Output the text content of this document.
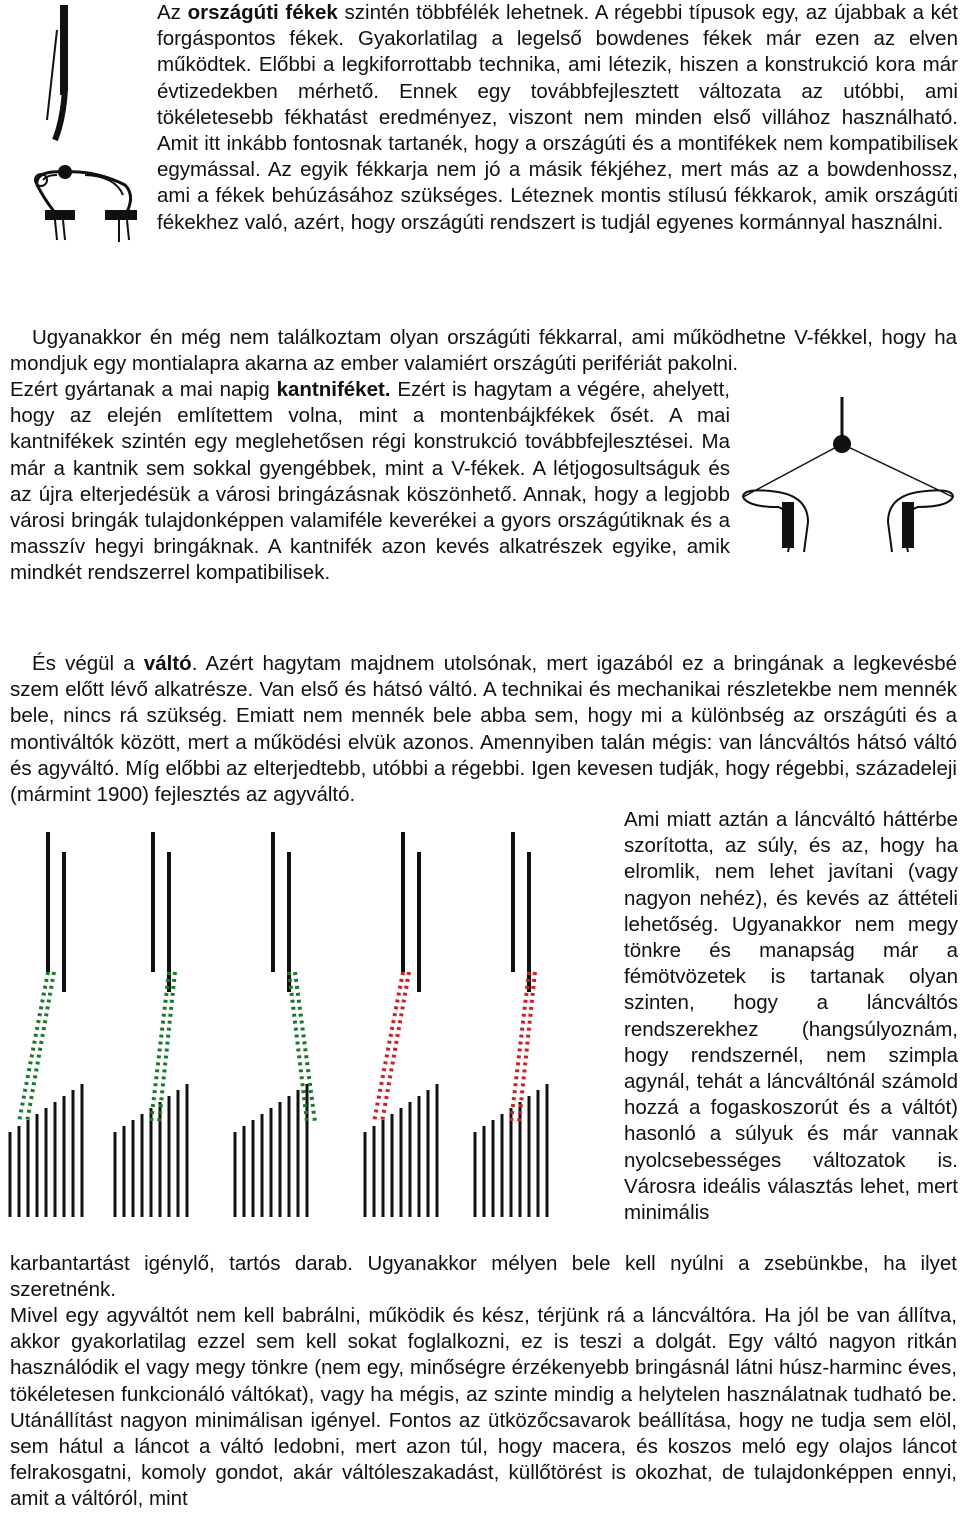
Az országúti fékek szintén többfélék lehetnek. A régebbi típusok egy, az újabbak a két forgáspontos fékek. Gyakorlatilag a legelső bowdenes fékek már ezen az elven működtek. Előbbi a legkiforrottabb technika, ami létezik, hiszen a konstrukció kora már évtizedekben mérhető. Ennek egy továbbfejlesztett változata az utóbbi, ami tökéletesebb fékhatást eredményez, viszont nem minden első villához használható. Amit itt inkább fontosnak tartanék, hogy a országúti és a montifékek nem kompatibilisek egymással. Az egyik fékkarja nem jó a másik fékjéhez, mert más az a bowdenhossz, ami a fékek behúzásához szükséges. Léteznek montis stílusú fékkarok, amik országúti fékekhez való, azért, hogy országúti rendszert is tudjál egyenes kormánnyal használni.

Ugyanakkor én még nem találkoztam olyan országúti fékkarral, ami működhetne V-fékkel, hogy ha mondjuk egy montialapra akarna az ember valamiért országúti perifériát pakolni.

Ezért gyártanak a mai napig kantniféket. Ezért is hagytam a végére, ahelyett, hogy az elején említettem volna, mint a montenbájkfékek ősét. A mai kantnifékek szintén egy meglehetősen régi konstrukció továbbfejlesztései. Ma már a kantnik sem sokkal gyengébbek, mint a V-fékek. A létjogosultságuk és az újra elterjedésük a városi bringázásnak köszönhető. Annak, hogy a legjobb városi bringák tulajdonképpen valamiféle keverékei a gyors országútiknak és a masszív hegyi bringáknak. A kantnifék azon kevés alkatrészek egyike, amik mindkét rendszerrel kompatibilisek.

És végül a váltó. Azért hagytam majdnem utolsónak, mert igazából ez a bringának a legkevésbé szem előtt lévő alkatrésze. Van első és hátsó váltó. A technikai és mechanikai részletekbe nem mennék bele, nincs rá szükség. Emiatt nem mennék bele abba sem, hogy mi a különbség az országúti és a montiváltók között, mert a működési elvük azonos. Amennyiben talán mégis: van láncváltós hátsó váltó és agyváltó. Míg előbbi az elterjedtebb, utóbbi a régebbi. Igen kevesen tudják, hogy régebbi, századeleji (mármint 1900) fejlesztés az agyváltó.

Ami miatt aztán a láncváltó háttérbe szorította, az súly, és az, hogy ha elromlik, nem lehet javítani (vagy nagyon nehéz), és kevés az áttételi lehetőség. Ugyanakkor nem megy tönkre és manapság már a fémötvözetek is tartanak olyan szinten, hogy a láncváltós rendszerekhez (hangsúlyoznám, hogy rendszernél, nem szimpla agynál, tehát a láncváltónál számold hozzá a fogaskoszorút és a váltót) hasonló a súlyuk és már vannak nyolcsebességes változatok is. Városra ideális választás lehet, mert minimális

karbantartást igénylő, tartós darab. Ugyanakkor mélyen bele kell nyúlni a zsebünkbe, ha ilyet szeretnénk.

Mivel egy agyváltót nem kell babrálni, működik és kész, térjünk rá a láncváltóra. Ha jól be van állítva, akkor gyakorlatilag ezzel sem kell sokat foglalkozni, ez is teszi a dolgát. Egy váltó nagyon ritkán használódik el vagy megy tönkre (nem egy, minőségre érzékenyebb bringásnál látni húsz-harminc éves, tökéletesen funkcionáló váltókat), vagy ha mégis, az szinte mindig a helytelen használatnak tudható be. Utánállítást nagyon minimálisan igényel. Fontos az ütközőcsavarok beállítása, hogy ne tudja sem elöl, sem hátul a láncot a váltó ledobni, mert azon túl, hogy macera, és koszos meló egy olajos láncot felrakosgatni, komoly gondot, akár váltóleszakadást, küllőtörést is okozhat, de tulajdonképpen ennyi, amit a váltóról, mint
